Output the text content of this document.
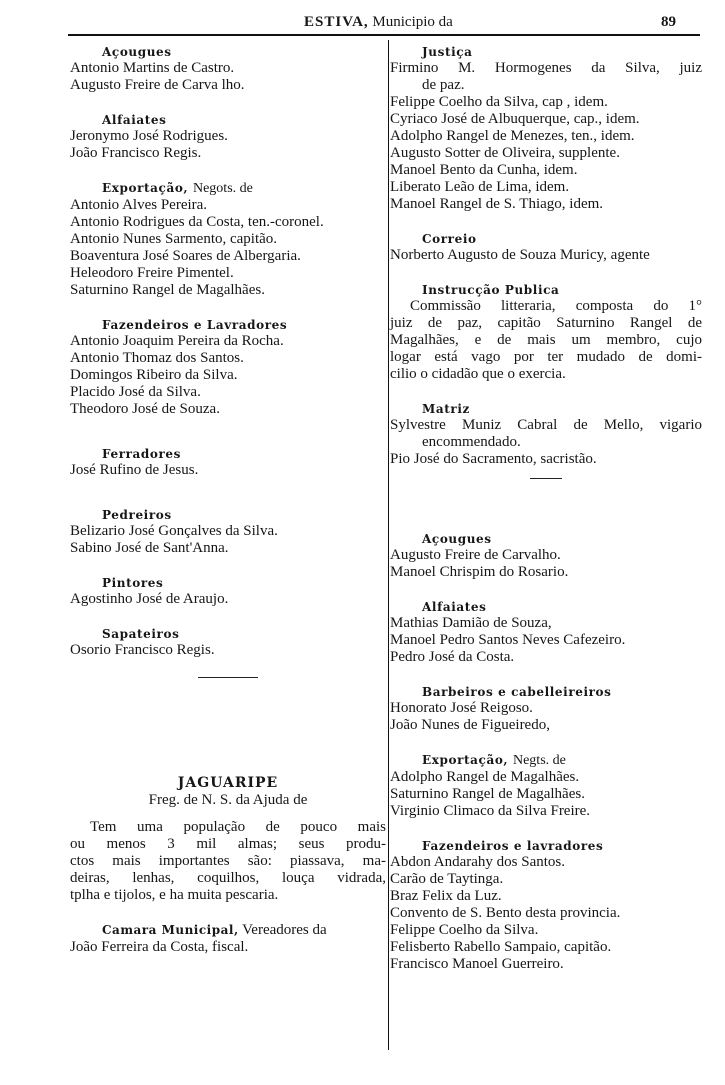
ESTIVA, Municipio da	89
Açougues
Antonio Martins de Castro.
Augusto Freire de Carva lho.
Alfaiates
Jeronymo José Rodrigues.
João Francisco Regis.
Exportação, Negots. de
Antonio Alves Pereira.
Antonio Rodrigues da Costa, ten.-coronel.
Antonio Nunes Sarmento, capitão.
Boaventura José Soares de Albergaria.
Heleodoro Freire Pimentel.
Saturnino Rangel de Magalhães.
Fazendeiros e Lavradores
Antonio Joaquim Pereira da Rocha.
Antonio Thomaz dos Santos.
Domingos Ribeiro da Silva.
Placido José da Silva.
Theodoro José de Souza.
Ferradores
José Rufino de Jesus.
Pedreiros
Belizario José Gonçalves da Silva.
Sabino José de Sant'Anna.
Pintores
Agostinho José de Araujo.
Sapateiros
Osorio Francisco Regis.
JAGUARIPE
Freg. de N. S. da Ajuda de
Tem uma população de pouco mais
ou menos 3 mil almas; seus produ-
ctos mais importantes são: piassava, ma-
deiras, lenhas, coquilhos, louça vidrada,
tplha e tijolos, e ha muita pescaria.
Camara Municipal, Vereadores da
João Ferreira da Costa, fiscal.
Justiça
Firmino M. Hormogenes da Silva, juiz
de paz.
Felippe Coelho da Silva, cap , idem.
Cyriaco José de Albuquerque, cap., idem.
Adolpho Rangel de Menezes, ten., idem.
Augusto Sotter de Oliveira, supplente.
Manoel Bento da Cunha, idem.
Liberato Leão de Lima, idem.
Manoel Rangel de S. Thiago, idem.
Correio
Norberto Augusto de Souza Muricy, agente
Instrucção Publica
Commissão litteraria, composta do 1°
juiz de paz, capitão Saturnino Rangel de
Magalhães, e de mais um membro, cujo
logar está vago por ter mudado de domi-
cilio o cidadão que o exercia.
Matriz
Sylvestre Muniz Cabral de Mello, vigario
encommendado.
Pio José do Sacramento, sacristão.
Açougues
Augusto Freire de Carvalho.
Manoel Chrispim do Rosario.
Alfaiates
Mathias Damião de Souza,
Manoel Pedro Santos Neves Cafezeiro.
Pedro José da Costa.
Barbeiros e cabelleireiros
Honorato José Reigoso.
João Nunes de Figueiredo,
Exportação, Negts. de
Adolpho Rangel de Magalhães.
Saturnino Rangel de Magalhães.
Virginio Climaco da Silva Freire.
Fazendeiros e lavradores
Abdon Andarahy dos Santos.
Carão de Taytinga.
Braz Felix da Luz.
Convento de S. Bento desta provincia.
Felippe Coelho da Silva.
Felisberto Rabello Sampaio, capitão.
Francisco Manoel Guerreiro.
